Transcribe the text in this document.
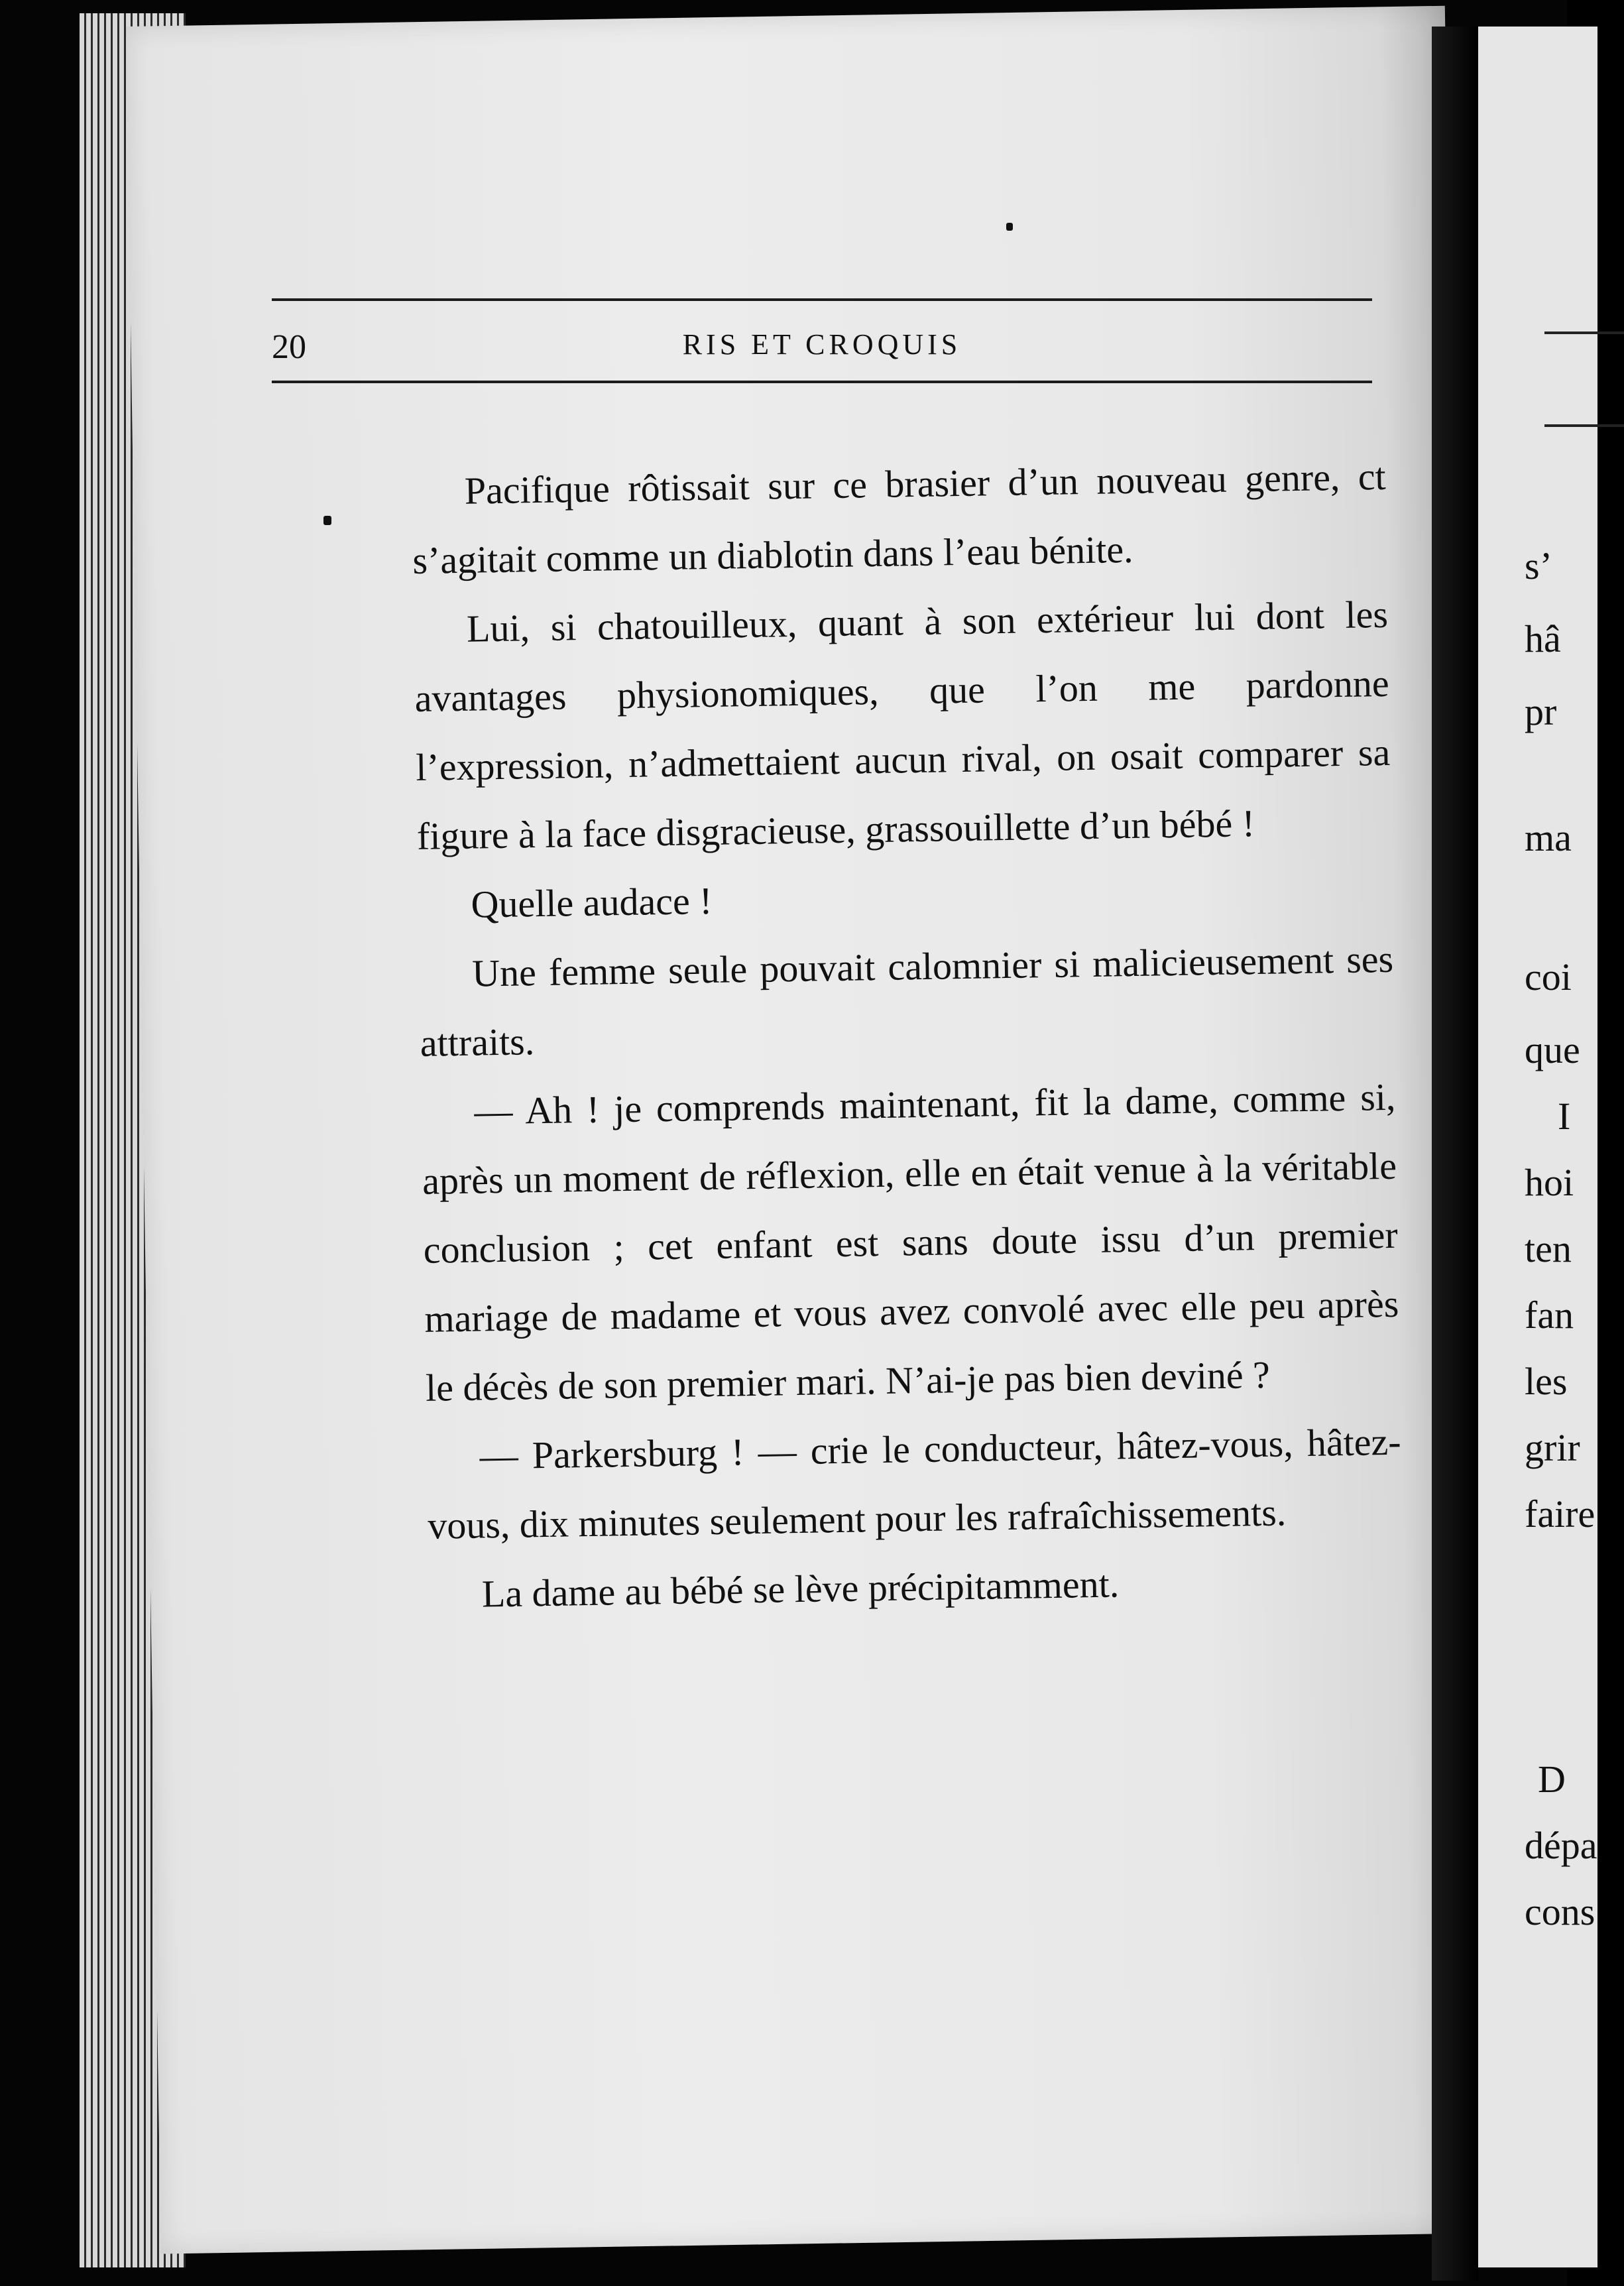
s’
hâ
pr
ma
coi
que
I
hoi
ten
fan
les
grir
faire
D
dépa
cons
20	RIS ET CROQUIS

Pacifique rôtissait sur ce brasier d’un nouveau genre, ct s’agitait comme un diablotin dans l’eau bénite.

Lui, si chatouilleux, quant à son extérieur lui dont les avantages physionomiques, que l’on me pardonne l’expression, n’admettaient aucun rival, on osait comparer sa figure à la face disgracieuse, grassouillette d’un bébé !

Quelle audace !

Une femme seule pouvait calomnier si malicieusement ses attraits.

— Ah ! je comprends maintenant, fit la dame, comme si, après un moment de réflexion, elle en était venue à la véritable conclusion ; cet enfant est sans doute issu d’un premier mariage de madame et vous avez convolé avec elle peu après le décès de son premier mari. N’ai-je pas bien deviné ?

— Parkersburg ! — crie le conducteur, hâtez-vous, hâtez-vous, dix minutes seulement pour les rafraîchissements.

La dame au bébé se lève précipitamment.
